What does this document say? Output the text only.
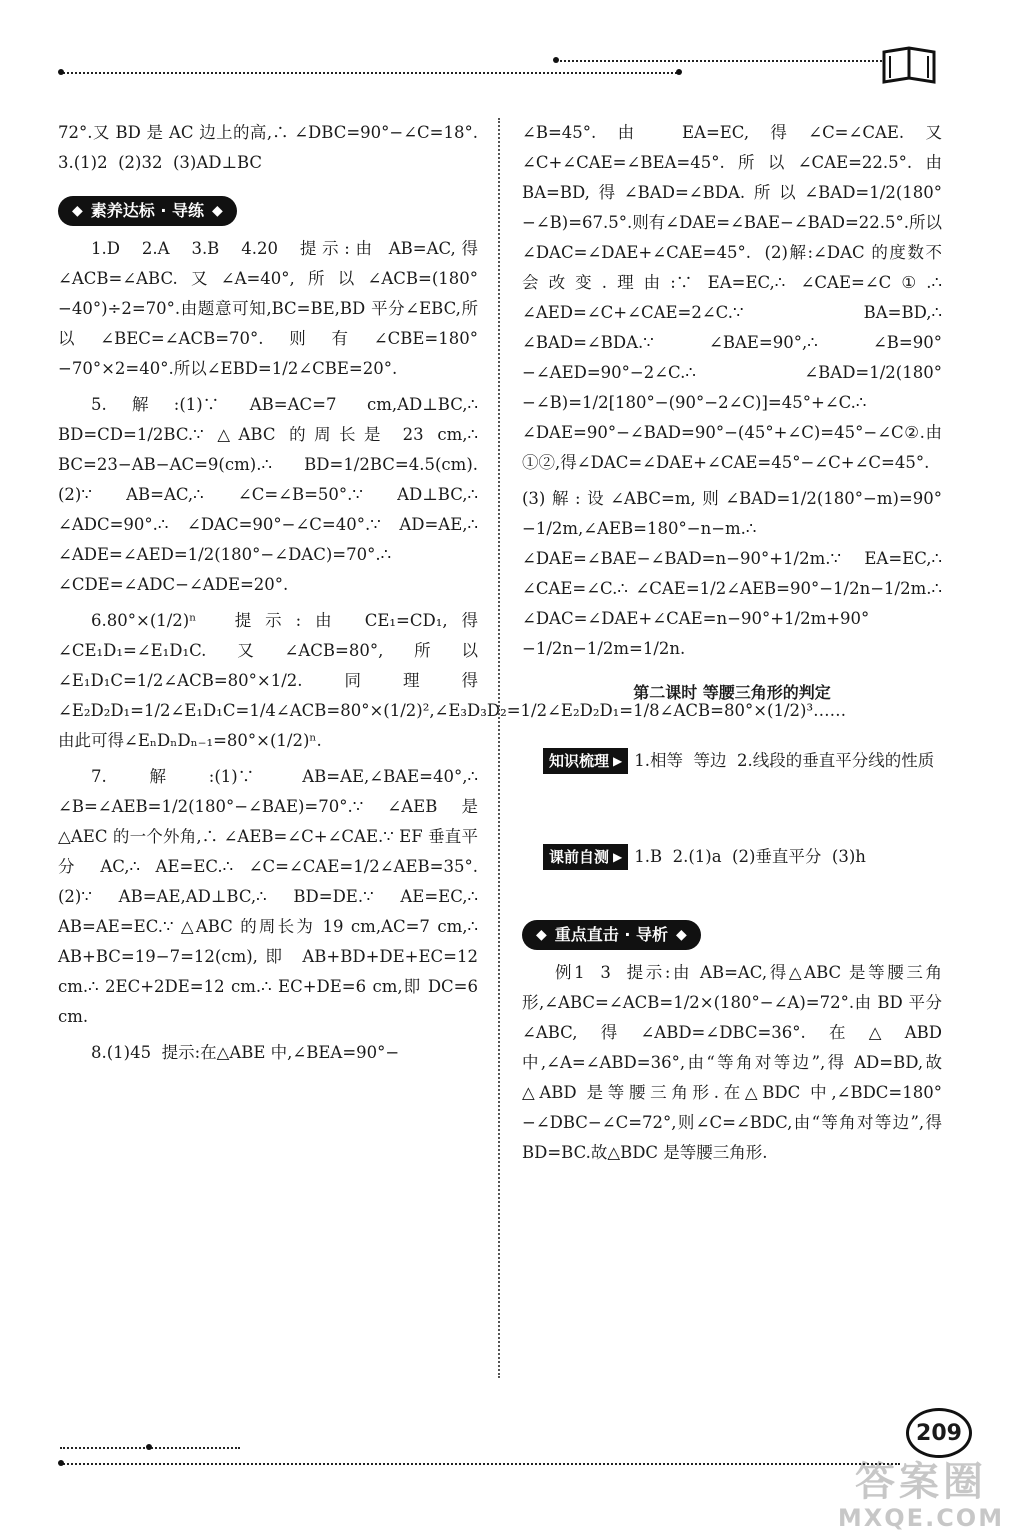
72°.又 BD 是 AC 边上的高,∴ ∠DBC=90°−∠C=18°.  3.(1)2  (2)32  (3)AD⊥BC

◆ 素养达标 · 导练 ◆

1.D  2.A  3.B  4.20  提示:由 AB=AC,得∠ACB=∠ABC.又∠A=40°,所以∠ACB=(180°−40°)÷2=70°.由题意可知,BC=BE,BD 平分∠EBC,所以∠BEC=∠ACB=70°.则有∠CBE=180°−70°×2=40°.所以∠EBD=1/2∠CBE=20°.

5.解:(1)∵ AB=AC=7 cm,AD⊥BC,∴ BD=CD=1/2BC.∵ △ABC 的周长是 23 cm,∴ BC=23−AB−AC=9(cm).∴ BD=1/2BC=4.5(cm).  (2)∵ AB=AC,∴ ∠C=∠B=50°.∵ AD⊥BC,∴ ∠ADC=90°.∴ ∠DAC=90°−∠C=40°.∵ AD=AE,∴ ∠ADE=∠AED=1/2(180°−∠DAC)=70°.∴ ∠CDE=∠ADC−∠ADE=20°.

6.80°×(1/2)ⁿ  提示:由 CE₁=CD₁,得∠CE₁D₁=∠E₁D₁C.又∠ACB=80°,所以∠E₁D₁C=1/2∠ACB=80°×1/2.同理得∠E₂D₂D₁=1/2∠E₁D₁C=1/4∠ACB=80°×(1/2)²,∠E₃D₃D₂=1/2∠E₂D₂D₁=1/8∠ACB=80°×(1/2)³……由此可得∠EₙDₙDₙ₋₁=80°×(1/2)ⁿ.

7.解:(1)∵ AB=AE,∠BAE=40°,∴ ∠B=∠AEB=1/2(180°−∠BAE)=70°.∵ ∠AEB 是△AEC 的一个外角,∴ ∠AEB=∠C+∠CAE.∵ EF 垂直平分 AC,∴ AE=EC.∴ ∠C=∠CAE=1/2∠AEB=35°.  (2)∵ AB=AE,AD⊥BC,∴ BD=DE.∵ AE=EC,∴ AB=AE=EC.∵ △ABC 的周长为 19 cm,AC=7 cm,∴ AB+BC=19−7=12(cm),即 AB+BD+DE+EC=12 cm.∴ 2EC+2DE=12 cm.∴ EC+DE=6 cm,即 DC=6 cm.

8.(1)45  提示:在△ABE 中,∠BEA=90°−

∠B=45°.由 EA=EC,得∠C=∠CAE.又∠C+∠CAE=∠BEA=45°.所以∠CAE=22.5°.由 BA=BD,得∠BAD=∠BDA.所以∠BAD=1/2(180°−∠B)=67.5°.则有∠DAE=∠BAE−∠BAD=22.5°.所以∠DAC=∠DAE+∠CAE=45°.  (2)解:∠DAC 的度数不会改变.理由:∵ EA=EC,∴ ∠CAE=∠C①.∴ ∠AED=∠C+∠CAE=2∠C.∵ BA=BD,∴ ∠BAD=∠BDA.∵ ∠BAE=90°,∴ ∠B=90°−∠AED=90°−2∠C.∴ ∠BAD=1/2(180°−∠B)=1/2[180°−(90°−2∠C)]=45°+∠C.∴ ∠DAE=90°−∠BAD=90°−(45°+∠C)=45°−∠C②.由①②,得∠DAC=∠DAE+∠CAE=45°−∠C+∠C=45°.

(3)解:设∠ABC=m,则∠BAD=1/2(180°−m)=90°−1/2m,∠AEB=180°−n−m.∴ ∠DAE=∠BAE−∠BAD=n−90°+1/2m.∵ EA=EC,∴ ∠CAE=∠C.∴ ∠CAE=1/2∠AEB=90°−1/2n−1/2m.∴ ∠DAC=∠DAE+∠CAE=n−90°+1/2m+90°−1/2n−1/2m=1/2n.

第二课时 等腰三角形的判定

知识梳理 ▶ 1.相等  等边  2.线段的垂直平分线的性质

课前自测 ▶ 1.B  2.(1)a  (2)垂直平分  (3)h

◆ 重点直击 · 导析 ◆

例1  3  提示:由 AB=AC,得△ABC 是等腰三角形,∠ABC=∠ACB=1/2×(180°−∠A)=72°.由 BD 平分∠ABC,得∠ABD=∠DBC=36°.在△ABD 中,∠A=∠ABD=36°,由“等角对等边”,得 AD=BD,故△ABD 是等腰三角形.在△BDC 中,∠BDC=180°−∠DBC−∠C=72°,则∠C=∠BDC,由“等角对等边”,得 BD=BC.故△BDC 是等腰三角形.

209
答案圈
MXQE.COM
